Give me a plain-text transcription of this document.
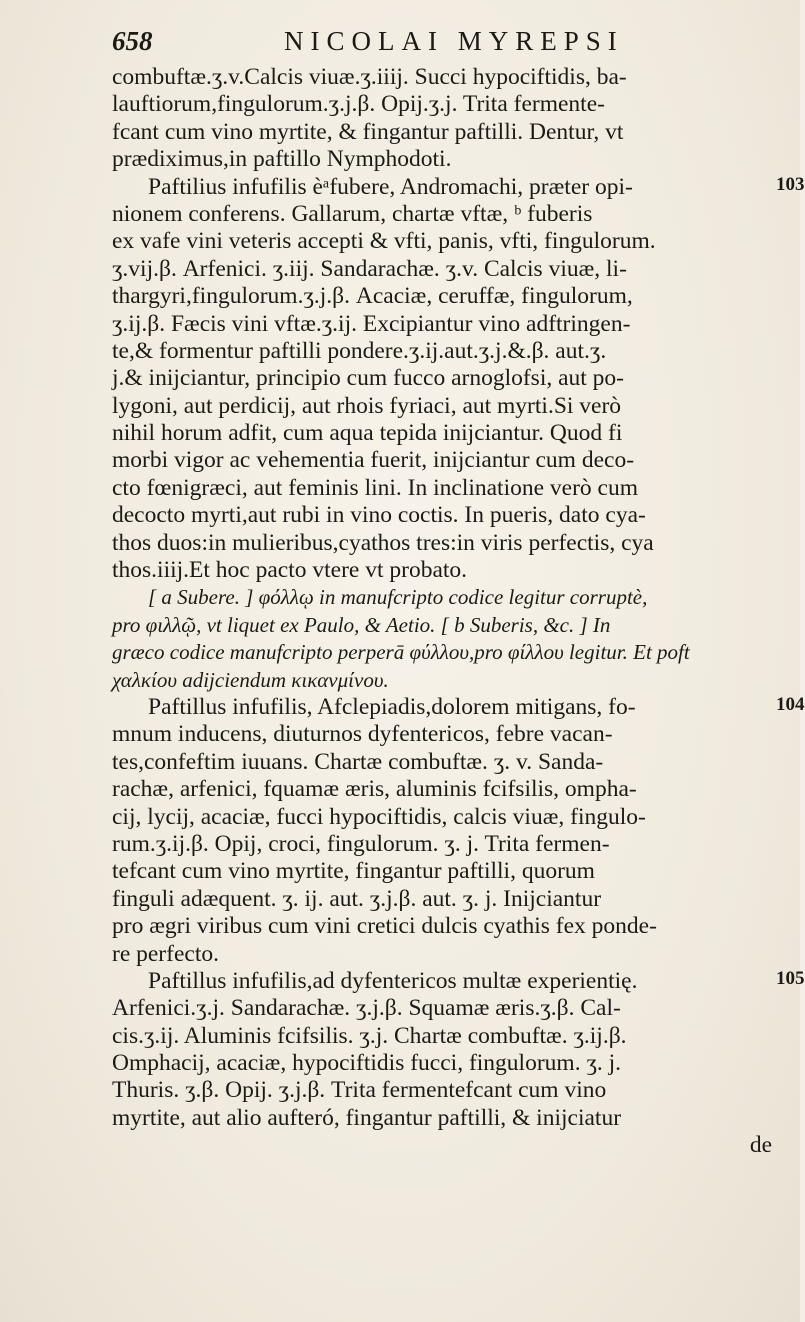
658	NICOLAI MYREPSI
combuftæ.ʒ.v.Calcis viuæ.ʒ.iiij. Succi hypociftidis, ba-
lauftiorum,fingulorum.ʒ.j.β. Opij.ʒ.j. Trita fermente-
fcant cum vino myrtite, & fingantur paftilli. Dentur, vt
prædiximus,in paftillo Nymphodoti.
Paftilius infufilis èᵃfubere, Andromachi, præter opi-
nionem conferens. Gallarum, chartæ vftæ, ᵇ fuberis
ex vafe vini veteris accepti & vfti, panis, vfti, fingulorum.
ʒ.vij.β. Arfenici. ʒ.iij. Sandarachæ. ʒ.v. Calcis viuæ, li-
thargyri,fingulorum.ʒ.j.β. Acaciæ, ceruffæ, fingulorum,
ʒ.ij.β. Fæcis vini vftæ.ʒ.ij. Excipiantur vino adftringen-
te,& formentur paftilli pondere.ʒ.ij.aut.ʒ.j.&.β. aut.ʒ.
j.& inijciantur, principio cum fucco arnoglofsi, aut po-
lygoni, aut perdicij, aut rhois fyriaci, aut myrti.Si verò
nihil horum adfit, cum aqua tepida inijciantur. Quod fi
morbi vigor ac vehementia fuerit, inijciantur cum deco-
cto fœnigræci, aut feminis lini. In inclinatione verò cum
decocto myrti,aut rubi in vino coctis. In pueris, dato cya-
thos duos:in mulieribus,cyathos tres:in viris perfectis, cya
thos.iiij.Et hoc pacto vtere vt probato.
[ a Subere. ] φόλλῳ in manufcripto codice legitur corruptè,
pro φιλλῷ, vt liquet ex Paulo, & Aetio. [ b Suberis, &c. ] In
græco codice manufcripto perperā φύλλου,pro φίλλου legitur. Et poft
χαλκίου adijciendum κικανμίνου.
Paftillus infufilis, Afclepiadis,dolorem mitigans, fo-
mnum inducens, diuturnos dyfentericos, febre vacan-
tes,confeftim iuuans. Chartæ combuftæ. ʒ. v. Sanda-
rachæ, arfenici, fquamæ æris, aluminis fcifsilis, ompha-
cij, lycij, acaciæ, fucci hypociftidis, calcis viuæ, fingulo-
rum.ʒ.ij.β. Opij, croci, fingulorum. ʒ. j. Trita fermen-
tefcant cum vino myrtite, fingantur paftilli, quorum
finguli adæquent. ʒ. ij. aut. ʒ.j.β. aut. ʒ. j. Inijciantur
pro ægri viribus cum vini cretici dulcis cyathis fex ponde-
re perfecto.
Paftillus infufilis,ad dyfentericos multæ experientię.
Arfenici.ʒ.j. Sandarachæ. ʒ.j.β. Squamæ æris.ʒ.β. Cal-
cis.ʒ.ij. Aluminis fcifsilis. ʒ.j. Chartæ combuftæ. ʒ.ij.β.
Omphacij, acaciæ, hypociftidis fucci, fingulorum. ʒ. j.
Thuris. ʒ.β. Opij. ʒ.j.β. Trita fermentefcant cum vino
myrtite, aut alio aufteró, fingantur paftilli, & inijciatur
de
103
104
105
